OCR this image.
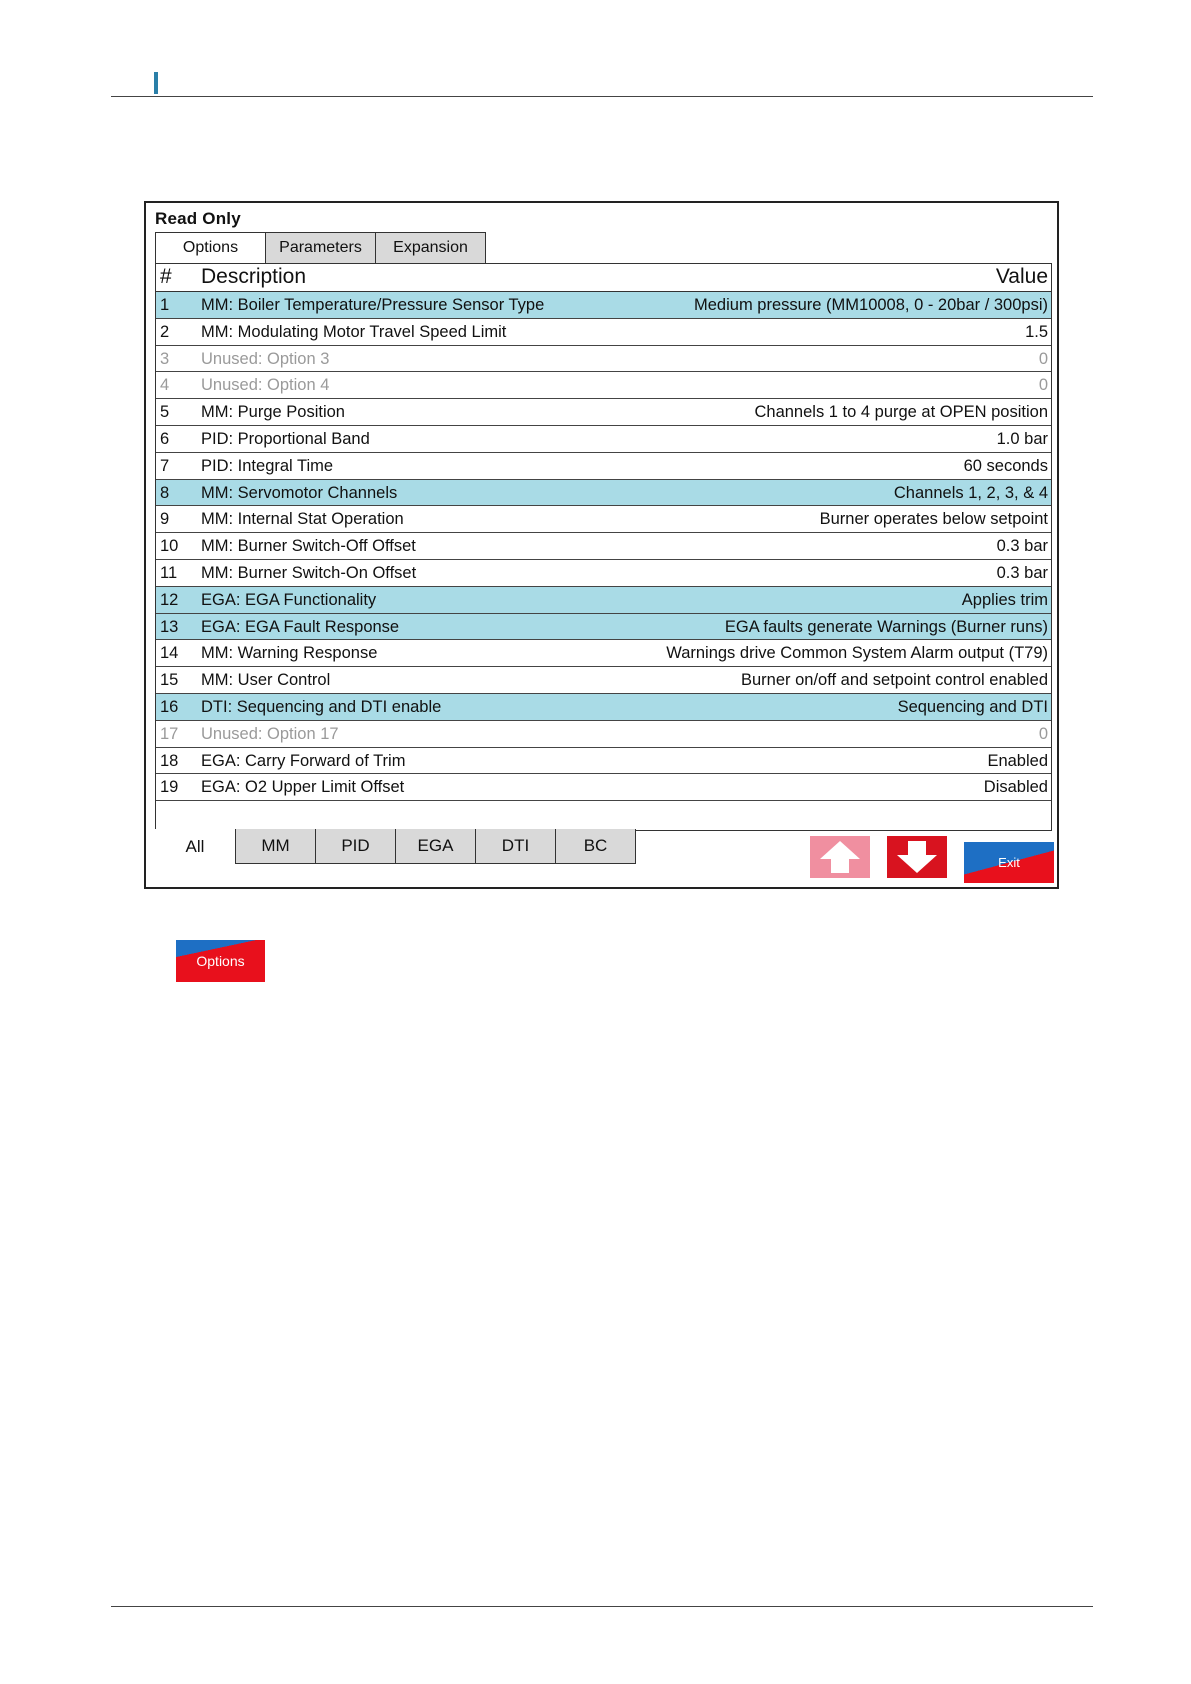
Read Only
Options	Parameters	Expansion
# Description	Value
1 MM: Boiler Temperature/Pressure Sensor Type	Medium pressure (MM10008, 0 - 20bar / 300psi)
2 MM: Modulating Motor Travel Speed Limit	1.5
3 Unused: Option 3	0
4 Unused: Option 4	0
5 MM: Purge Position	Channels 1 to 4 purge at OPEN position
6 PID: Proportional Band	1.0 bar
7 PID: Integral Time	60 seconds
8 MM: Servomotor Channels	Channels 1, 2, 3, & 4
9 MM: Internal Stat Operation	Burner operates below setpoint
10 MM: Burner Switch-Off Offset	0.3 bar
11 MM: Burner Switch-On Offset	0.3 bar
12 EGA: EGA Functionality	Applies trim
13 EGA: EGA Fault Response	EGA faults generate Warnings (Burner runs)
14 MM: Warning Response	Warnings drive Common System Alarm output (T79)
15 MM: User Control	Burner on/off and setpoint control enabled
16 DTI: Sequencing and DTI enable	Sequencing and DTI
17 Unused: Option 17	0
18 EGA: Carry Forward of Trim	Enabled
19 EGA: O2 Upper Limit Offset	Disabled
All	MM	PID	EGA	DTI	BC
Exit
Options
